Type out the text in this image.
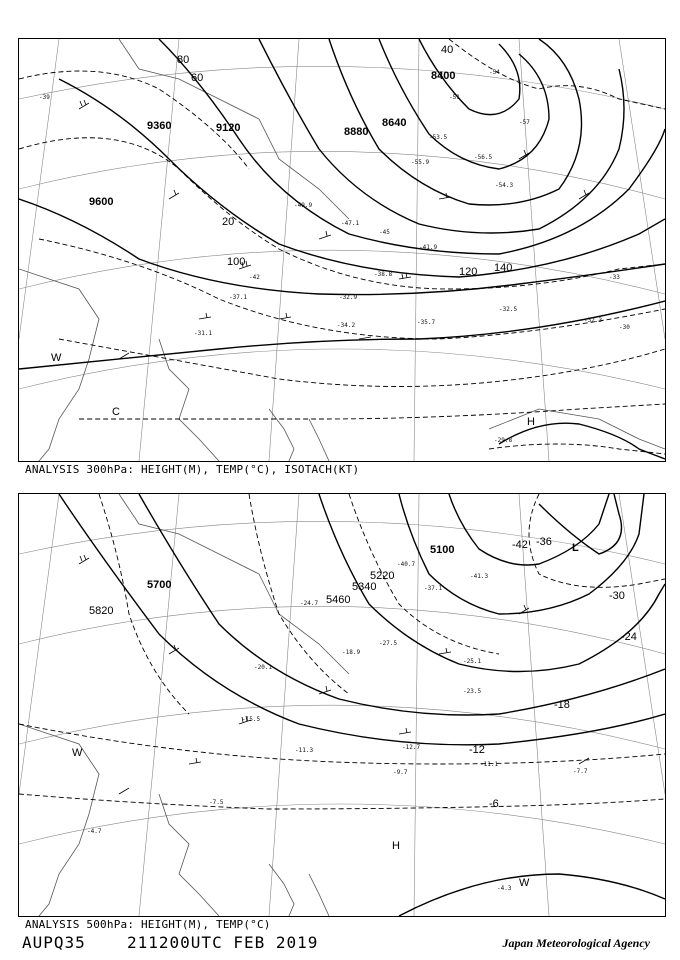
9600
9360	9120	8880
8640
8400
80
60
40
20
100
120 140
-39
-42
-45
-51
-54
-57
-33
-30
-53.5
-54.3
-56.5
-55.9
-47.1
-41.9
-35.7
-32.5
-34.2
-32.3
-31.1
-32.9
-38.8
-37.1
-49.9
-29.8
W
C
H
ANALYSIS 300hPa: HEIGHT(M), TEMP(°C), ISOTACH(KT)
5820
5700
5460
5340
5220
5100	-42 -36
-30
-24
-18
-12
-6
-40.7
-37.1
-27.5
-25.1
-23.5
-18.9
-15.5
-12.7
-11.3
-9.7
-11.1
-7.7
-7.5
-4.3
-4.7
-24.7
-20.1
-41.3
L
H
W
W
ANALYSIS 500hPa: HEIGHT(M), TEMP(°C)
AUPQ35	211200UTC FEB 2019	Japan Meteorological Agency
